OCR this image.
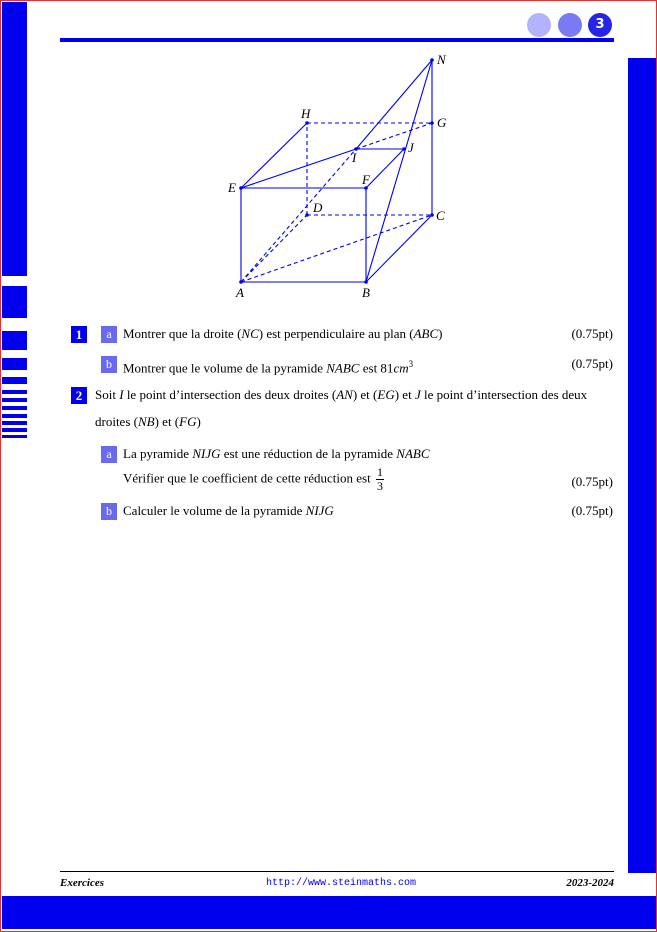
3
A	B
C
D
E
F
G
H
I
J
N
1	a Montrer que la droite (NC) est perpendiculaire au plan (ABC)	(0.75pt)
b Montrer que le volume de la pyramide NABC est $81cm^3$	(0.75pt)
2 Soit I le point d’intersection des deux droites (AN) et (EG) et J le point d’intersection des deux
droites (NB) et (FG)
a La pyramide NIJG est une réduction de la pyramide NABC
Vérifier que le coefficient de cette réduction est $\frac{1}{3}$	(0.75pt)
b Calculer le volume de la pyramide NIJG	(0.75pt)
Exercices	http://www.steinmaths.com	2023-2024
